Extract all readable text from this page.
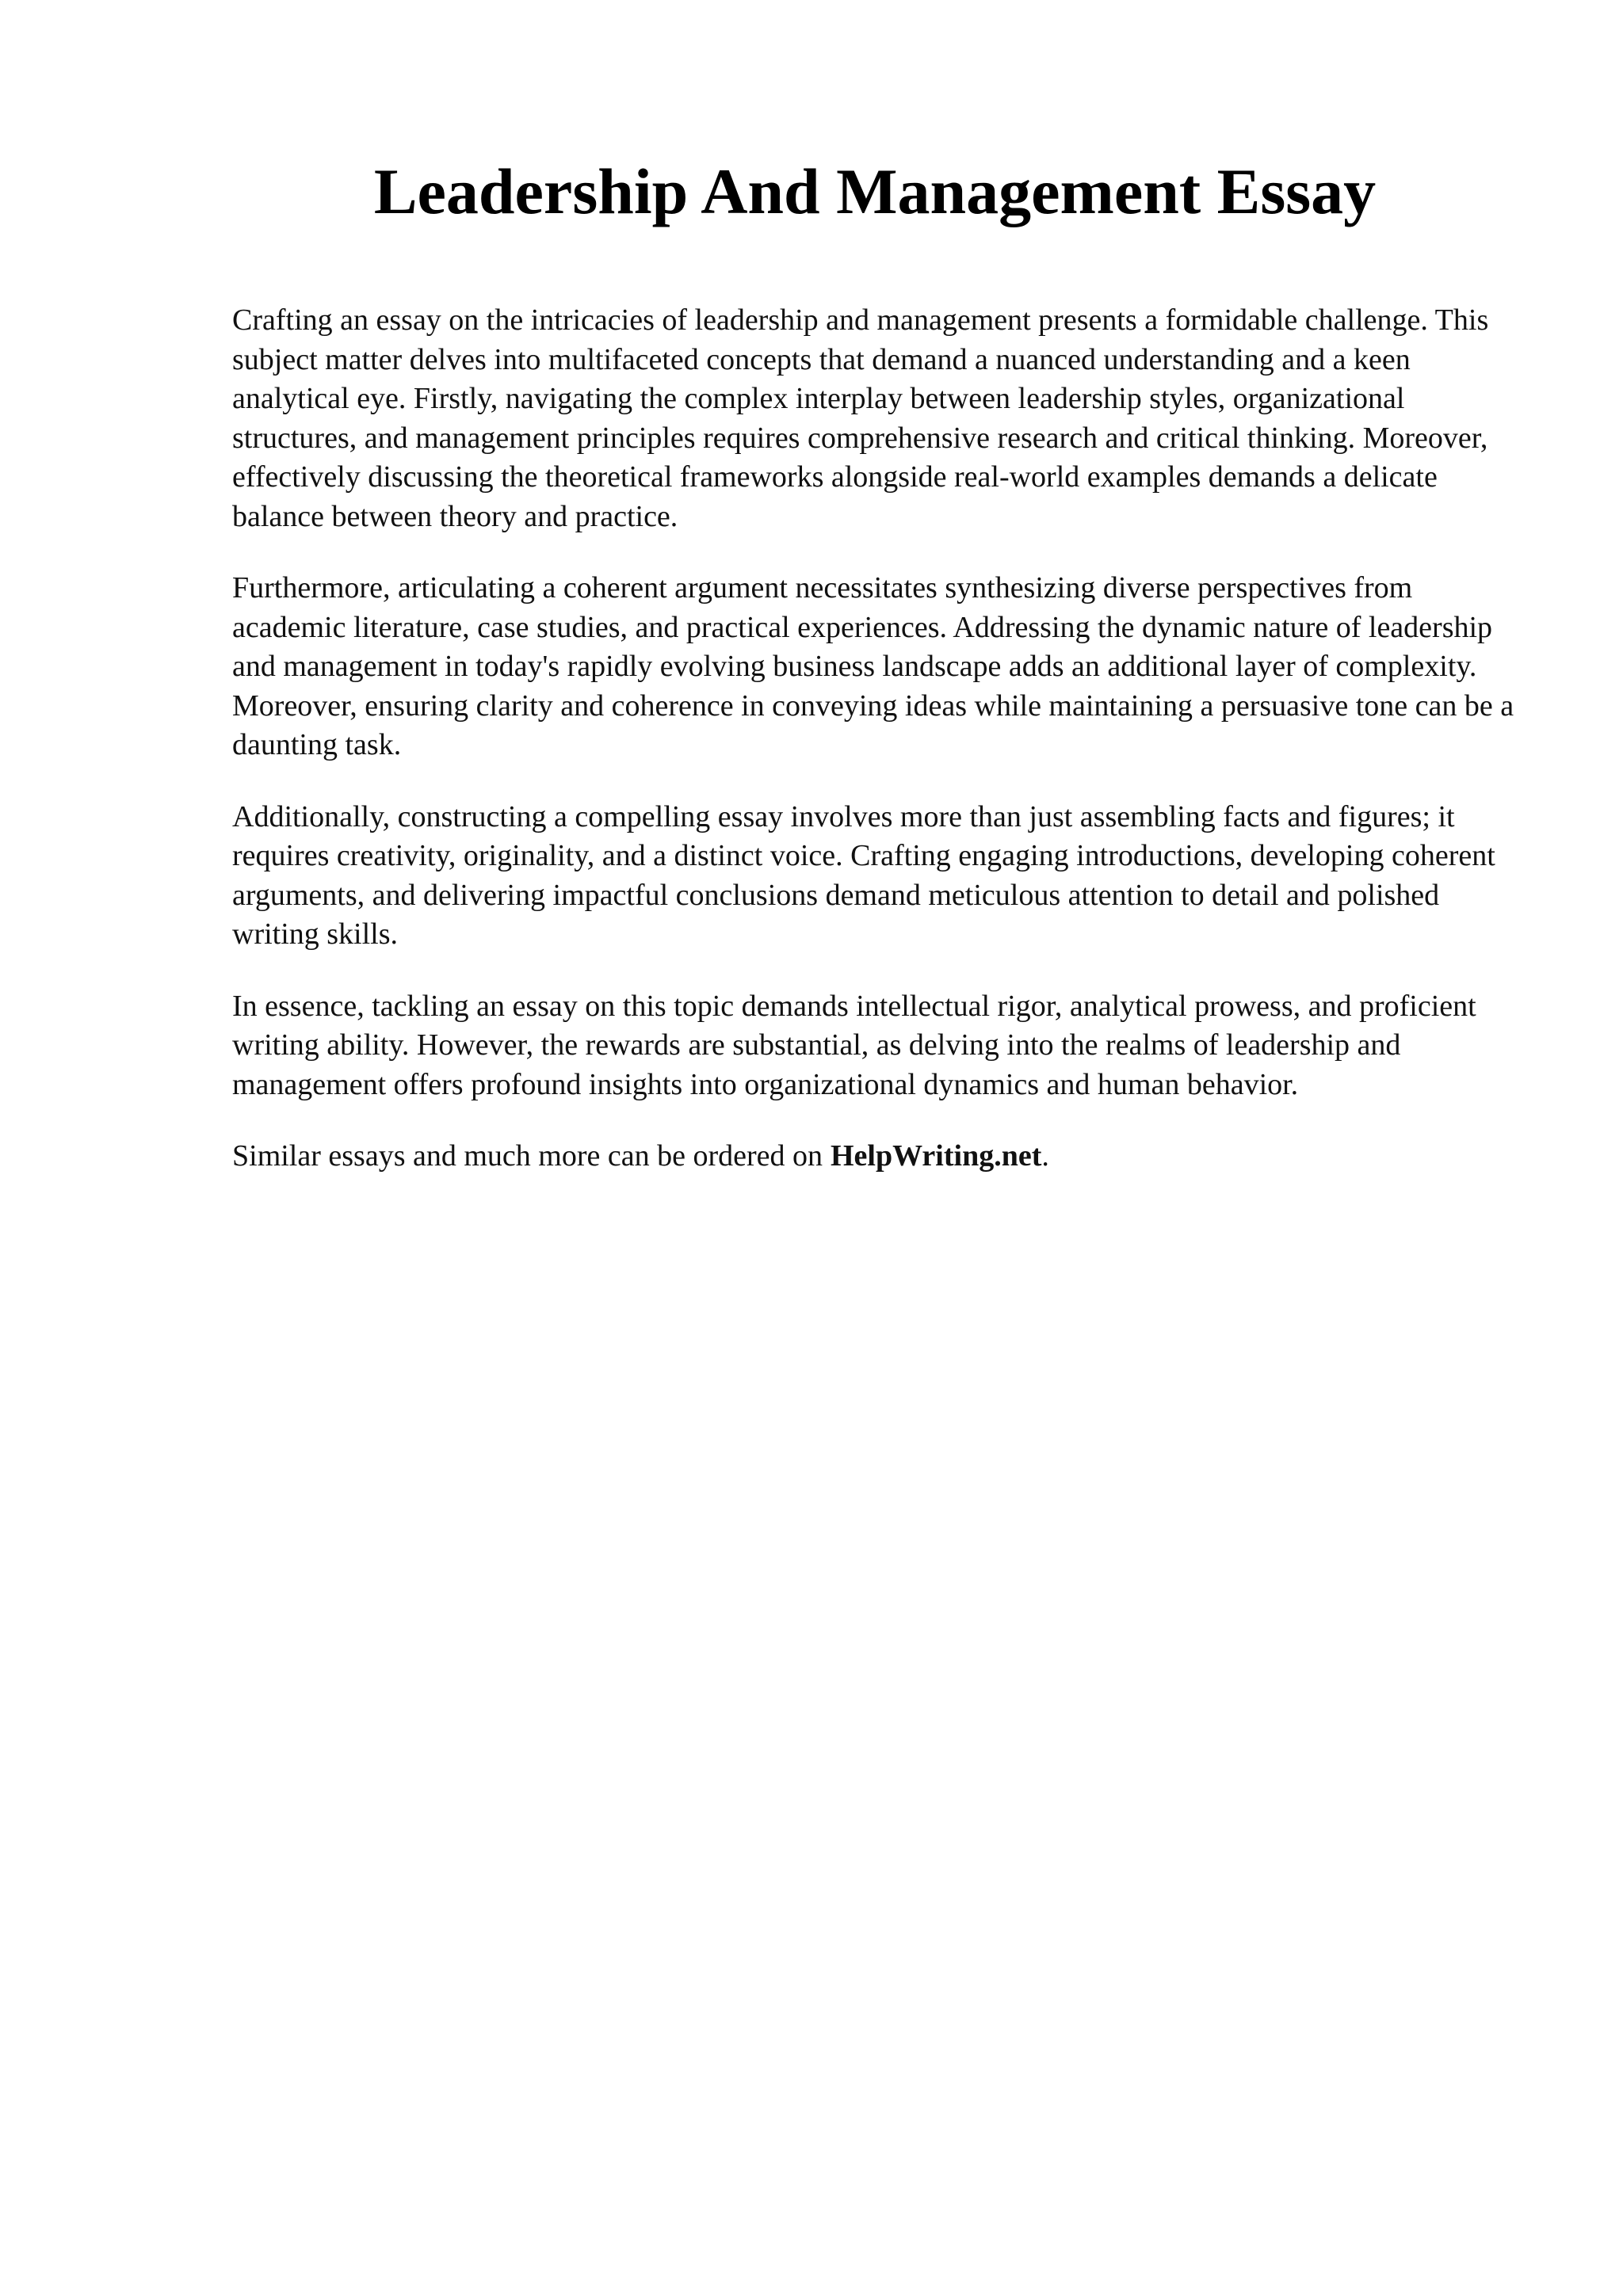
Leadership And Management Essay

Crafting an essay on the intricacies of leadership and management presents a formidable challenge. This subject matter delves into multifaceted concepts that demand a nuanced understanding and a keen analytical eye. Firstly, navigating the complex interplay between leadership styles, organizational structures, and management principles requires comprehensive research and critical thinking. Moreover, effectively discussing the theoretical frameworks alongside real-world examples demands a delicate balance between theory and practice.

Furthermore, articulating a coherent argument necessitates synthesizing diverse perspectives from academic literature, case studies, and practical experiences. Addressing the dynamic nature of leadership and management in today's rapidly evolving business landscape adds an additional layer of complexity. Moreover, ensuring clarity and coherence in conveying ideas while maintaining a persuasive tone can be a daunting task.

Additionally, constructing a compelling essay involves more than just assembling facts and figures; it requires creativity, originality, and a distinct voice. Crafting engaging introductions, developing coherent arguments, and delivering impactful conclusions demand meticulous attention to detail and polished writing skills.

In essence, tackling an essay on this topic demands intellectual rigor, analytical prowess, and proficient writing ability. However, the rewards are substantial, as delving into the realms of leadership and management offers profound insights into organizational dynamics and human behavior.

Similar essays and much more can be ordered on HelpWriting.net.
